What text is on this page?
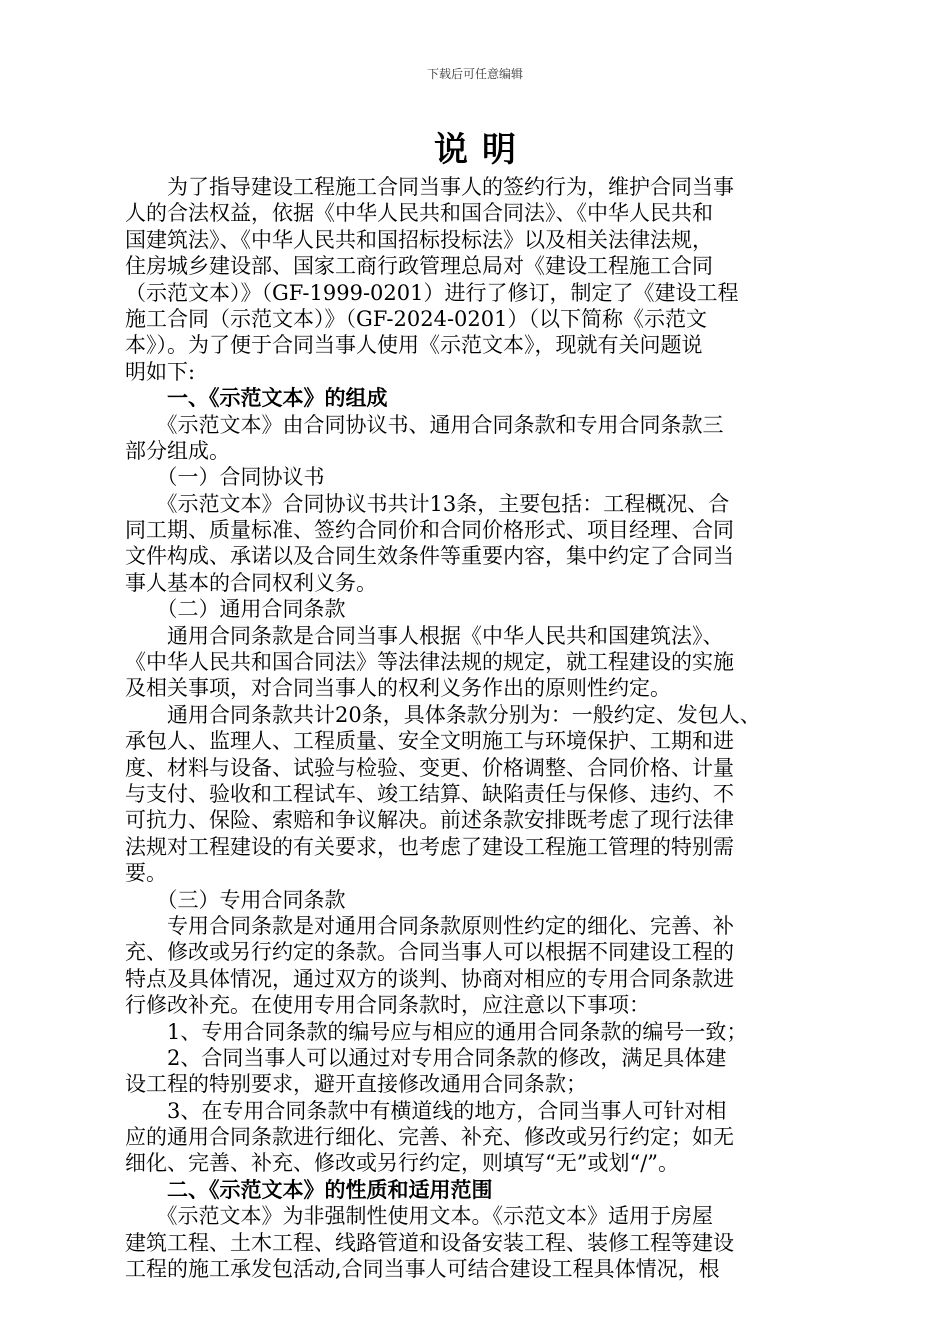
下载后可任意编辑
说明
　　为了指导建设工程施工合同当事人的签约行为，维护合同当事
人的合法权益，依据《中华人民共和国合同法》、《中华人民共和
国建筑法》、《中华人民共和国招标投标法》以及相关法律法规，
住房城乡建设部、国家工商行政管理总局对《建设工程施工合同
（示范文本）》（GF-1999-0201）进行了修订，制定了《建设工程
施工合同（示范文本）》（GF-2024-0201）（以下简称《示范文
本》）。为了便于合同当事人使用《示范文本》，现就有关问题说
明如下:
　　一、《示范文本》的组成
　　《示范文本》由合同协议书、通用合同条款和专用合同条款三
部分组成。
　　（一）合同协议书
　　《示范文本》合同协议书共计13条，主要包括：工程概况、合
同工期、质量标准、签约合同价和合同价格形式、项目经理、合同
文件构成、承诺以及合同生效条件等重要内容，集中约定了合同当
事人基本的合同权利义务。
　　（二）通用合同条款
　　通用合同条款是合同当事人根据《中华人民共和国建筑法》、
《中华人民共和国合同法》等法律法规的规定，就工程建设的实施
及相关事项，对合同当事人的权利义务作出的原则性约定。
　　通用合同条款共计20条，具体条款分别为：一般约定、发包人、
承包人、监理人、工程质量、安全文明施工与环境保护、工期和进
度、材料与设备、试验与检验、变更、价格调整、合同价格、计量
与支付、验收和工程试车、竣工结算、缺陷责任与保修、违约、不
可抗力、保险、索赔和争议解决。前述条款安排既考虑了现行法律
法规对工程建设的有关要求，也考虑了建设工程施工管理的特别需
要。
　　（三）专用合同条款
　　专用合同条款是对通用合同条款原则性约定的细化、完善、补
充、修改或另行约定的条款。合同当事人可以根据不同建设工程的
特点及具体情况，通过双方的谈判、协商对相应的专用合同条款进
行修改补充。在使用专用合同条款时，应注意以下事项：
　　1、专用合同条款的编号应与相应的通用合同条款的编号一致；
　　2、合同当事人可以通过对专用合同条款的修改，满足具体建
设工程的特别要求，避开直接修改通用合同条款；
　　3、在专用合同条款中有横道线的地方，合同当事人可针对相
应的通用合同条款进行细化、完善、补充、修改或另行约定；如无
细化、完善、补充、修改或另行约定，则填写“无”或划“/”。
　　二、《示范文本》的性质和适用范围
　　《示范文本》为非强制性使用文本。《示范文本》适用于房屋
建筑工程、土木工程、线路管道和设备安装工程、装修工程等建设
工程的施工承发包活动,合同当事人可结合建设工程具体情况，根
